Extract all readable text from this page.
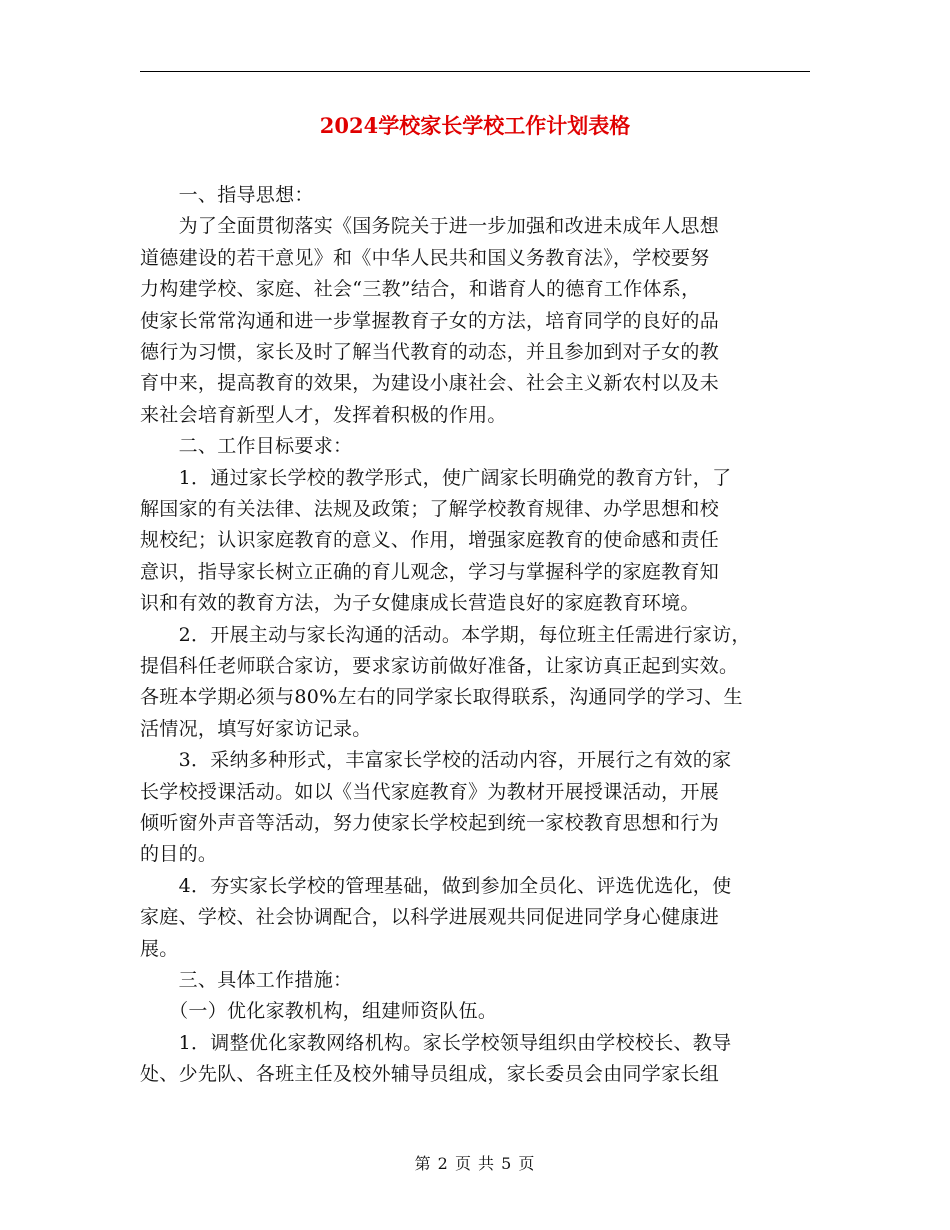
2024学校家长学校工作计划表格
　　一、指导思想：
　　为了全面贯彻落实《国务院关于进一步加强和改进未成年人思想
道德建设的若干意见》和《中华人民共和国义务教育法》，学校要努
力构建学校、家庭、社会“三教”结合，和谐育人的德育工作体系，
使家长常常沟通和进一步掌握教育子女的方法，培育同学的良好的品
德行为习惯，家长及时了解当代教育的动态，并且参加到对子女的教
育中来，提高教育的效果，为建设小康社会、社会主义新农村以及未
来社会培育新型人才，发挥着积极的作用。
　　二、工作目标要求：
　　1．通过家长学校的教学形式，使广阔家长明确党的教育方针，了
解国家的有关法律、法规及政策；了解学校教育规律、办学思想和校
规校纪；认识家庭教育的意义、作用，增强家庭教育的使命感和责任
意识，指导家长树立正确的育儿观念，学习与掌握科学的家庭教育知
识和有效的教育方法，为子女健康成长营造良好的家庭教育环境。
　　2．开展主动与家长沟通的活动。本学期，每位班主任需进行家访，
提倡科任老师联合家访，要求家访前做好准备，让家访真正起到实效。
各班本学期必须与80%左右的同学家长取得联系，沟通同学的学习、生
活情况，填写好家访记录。
　　3．采纳多种形式，丰富家长学校的活动内容，开展行之有效的家
长学校授课活动。如以《当代家庭教育》为教材开展授课活动，开展
倾听窗外声音等活动，努力使家长学校起到统一家校教育思想和行为
的目的。
　　4．夯实家长学校的管理基础，做到参加全员化、评选优选化，使
家庭、学校、社会协调配合，以科学进展观共同促进同学身心健康进
展。
　　三、具体工作措施：
　　（一）优化家教机构，组建师资队伍。
　　1．调整优化家教网络机构。家长学校领导组织由学校校长、教导
处、少先队、各班主任及校外辅导员组成，家长委员会由同学家长组
第 2 页 共 5 页
